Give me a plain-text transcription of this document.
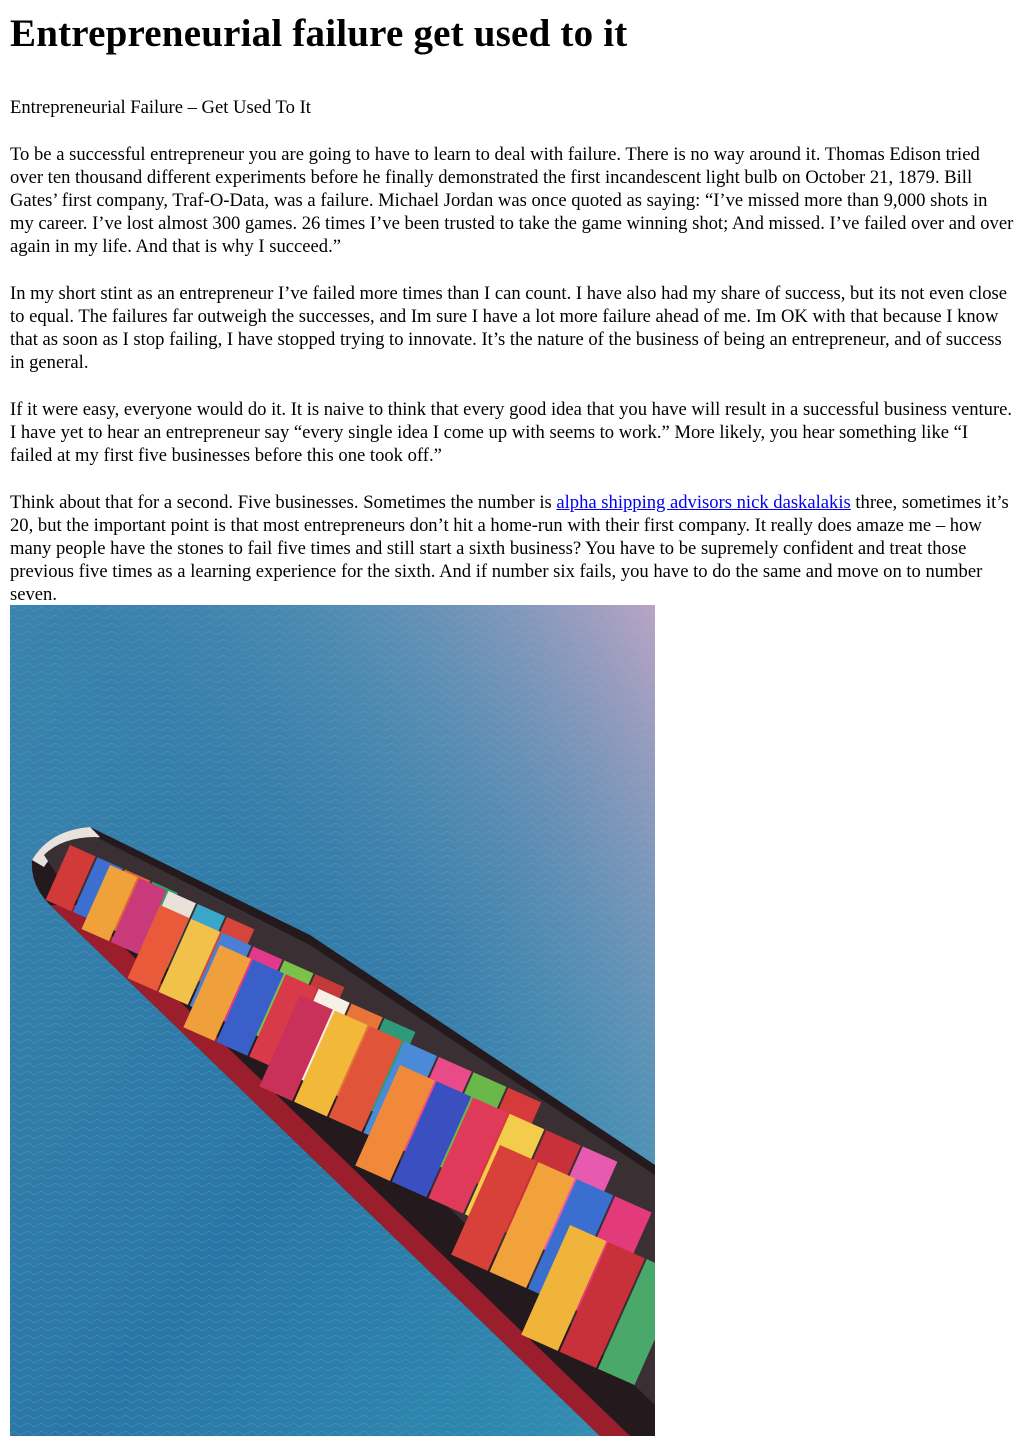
Entrepreneurial failure get used to it

Entrepreneurial Failure – Get Used To It

To be a successful entrepreneur you are going to have to learn to deal with failure. There is no way around it. Thomas Edison tried over ten thousand different experiments before he finally demonstrated the first incandescent light bulb on October 21, 1879. Bill Gates’ first company, Traf-O-Data, was a failure. Michael Jordan was once quoted as saying: “I’ve missed more than 9,000 shots in my career. I’ve lost almost 300 games. 26 times I’ve been trusted to take the game winning shot; And missed. I’ve failed over and over again in my life. And that is why I succeed.”

In my short stint as an entrepreneur I’ve failed more times than I can count. I have also had my share of success, but its not even close to equal. The failures far outweigh the successes, and Im sure I have a lot more failure ahead of me. Im OK with that because I know that as soon as I stop failing, I have stopped trying to innovate. It’s the nature of the business of being an entrepreneur, and of success in general.

If it were easy, everyone would do it. It is naive to think that every good idea that you have will result in a successful business venture. I have yet to hear an entrepreneur say “every single idea I come up with seems to work.” More likely, you hear something like “I failed at my first five businesses before this one took off.”

Think about that for a second. Five businesses. Sometimes the number is alpha shipping advisors nick daskalakis three, sometimes it’s 20, but the important point is that most entrepreneurs don’t hit a home-run with their first company. It really does amaze me – how many people have the stones to fail five times and still start a sixth business? You have to be supremely confident and treat those previous five times as a learning experience for the sixth. And if number six fails, you have to do the same and move on to number seven.
